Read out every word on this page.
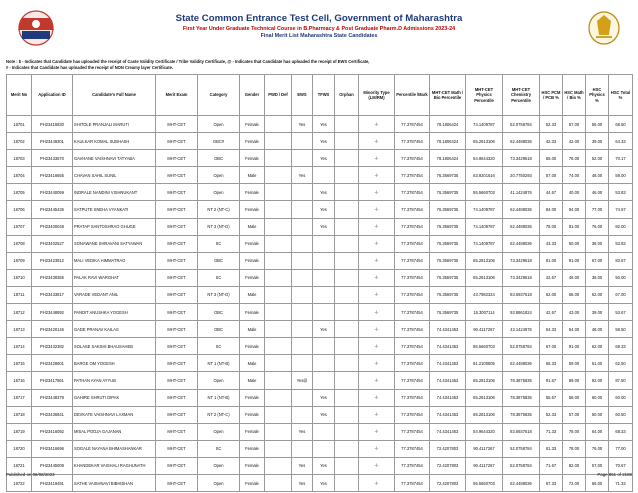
State Common Entrance Test Cell, Government of Maharashtra
First Year Under Graduate Technical Course in B.Pharmacy & Post Graduate Pharm.D Admissions 2023-24
Final Merit List Maharashtra State Candidates
Note : $ - Indicates that Candidate has uploaded the receipt of Caste Validity Certificate / Tribe Validity Certificate, @ - Indicates that Candidate has uploaded the receipt of EWS Certificate,
# - Indicates that Candidate has uploaded the receipt of NON Creamy layer Certificate.
Merit No	Application ID	Candidate's Full Name	Merit Exam	Category	Gender	PWD / Def	EWS	TFWS	Orphan	Minority Type (LM/RM)	Percentile /Mark	MHT-CET Math / Bio Percentile	MHT-CET Physics Percentile	MHT-CET Chemistry Percentile	HSC PCM / PCB %	HSC Math / Bio %	HSC Physics %	HSC Total %
18701	PH23415830	SHITOLE PRANJALI MARUTI	MHT-CET	Open	Female		Yes	Yes		-/-	77.3787454	78.1806424	74.1409787	52.0758784	52.33	57.00	55.00	68.50
18702	PH23449301	KAULKAR KOMAL SUBHASH	MHT-CET	OBC#	Female			Yes		-/-	77.3787454	78.1806424	65.2813106	62.4488036	42.33	42.00	39.00	64.33
18703	PH23433670	GAVHANE VAISHNAVI TATYABA	MHT-CET	OBC	Female			Yes		-/-	77.3787454	78.1806424	54.9644320	73.3429618	65.00	78.00	52.00	70.17
18704	PH23416655	CHAVAN SAHIL SUNIL	MHT-CET	Open	Male		Yes			-/-	77.3787454	76.3569735	63.9201616	20.7750293	57.00	74.00	48.00	59.00
18705	PH23440059	INDRALE NANDINI VISHNUKANT	MHT-CET	Open	Female			Yes		-/-	77.3787454	76.3569735	86.5660703	41.1424876	44.67	40.00	46.00	53.83
18706	PH23445436	SATPUTE SNEHA VYANKATI	MHT-CET	NT 2 (NT-C)	Female			Yes		-/-	77.3787454	76.3569735	74.1409787	62.4488036	84.00	94.00	77.00	74.67
18707	PH23400048	PRATAP SANTOSHRAO GHUGE	MHT-CET	NT 3 (NT-D)	Male			Yes		-/-	77.3787454	76.3569735	74.1409787	62.4488036	78.00	81.00	76.00	82.00
18708	PH23402527	SONAWANE SHRAVANI SATYAWAN	MHT-CET	SC	Female					-/-	77.3787454	76.3569735	74.1409787	62.4488036	43.33	50.00	38.00	53.83
18709	PH23423812	MALI VEDIKA HIMMATRAO	MHT-CET	OBC	Female					-/-	77.3787454	76.3569735	65.2813106	73.3429618	81.00	91.00	67.00	83.67
18710	PH23438355	PALAK RAVI WARGHAT	MHT-CET	SC	Female					-/-	77.3787454	76.3569735	65.2813106	73.3429618	42.67	46.00	38.00	50.00
18711	PH23433817	VARADE VEDANT ANIL	MHT-CET	NT 3 (NT-D)	Male					-/-	77.3787454	76.3569735	43.7982324	83.6937618	62.00	68.00	62.00	67.00
18712	PH23448892	PANDIT ANUSHKA YOGESH	MHT-CET	OBC	Female					-/-	77.3787454	76.3569735	15.3007114	93.8861824	42.67	43.00	39.00	53.67
18713	PH23420146	GADE PRANAV KAILAS	MHT-CET	OBC	Male			Yes		-/-	77.3787454	74.4341453	90.4117267	43.1424876	54.33	64.00	48.00	58.50
18714	PH23432382	SOLASE SAKSHI BHAUSAHEB	MHT-CET	SC	Female					-/-	77.3787454	74.4341453	86.5660703	52.0758784	67.00	91.00	62.00	69.33
18715	PH23428601	BARGE OM YOGESH	MHT-CET	NT 1 (NT-B)	Male					-/-	77.3787454	74.4341453	81.2100805	62.4488036	65.33	59.00	61.00	62.50
18716	PH23417861	PATHAN AYAN AYYUB	MHT-CET	Open	Male		Yes@			-/-	77.3787454	74.4341453	65.2813106	78.3875835	91.67	89.00	92.00	87.50
18717	PH23448379	GAHIRE SHRUTI DIPAK	MHT-CET	NT 1 (NT-B)	Female			Yes		-/-	77.3787454	74.4341453	65.2813106	78.3875835	55.67	58.00	60.00	60.00
18718	PH23436841	DEVKATE VAISHNAVI LAXMAN	MHT-CET	NT 2 (NT-C)	Female			Yes		-/-	77.3787454	74.4341453	65.2813106	78.3875835	52.33	57.00	50.00	60.50
18719	PH23416092	MISAL POOJA GAJANAN	MHT-CET	Open	Female		Yes			-/-	77.3787454	74.4341453	54.9644320	83.6937618	71.33	78.00	64.00	68.33
18720	PH23416696	SOGALE NAYANA BHIMASHANKAR	MHT-CET	SC	Female					-/-	77.3787454	72.4207803	90.4117267	52.0758784	81.33	78.00	76.00	77.00
18721	PH23445009	KHANDEKAR VAISHALI RAGHUNATH	MHT-CET	Open	Female		Yes	Yes		-/-	77.3787454	72.4207803	90.4117267	52.0758784	71.67	82.00	57.00	70.67
18722	PH23419491	SATHE VAISHNAVI BIBHISHAN	MHT-CET	Open	Female		Yes	Yes		-/-	77.3787454	72.4207803	86.5660703	62.4488036	67.33	72.00	66.00	71.33
Published on 08/08/2023	Page 851 of 2188
